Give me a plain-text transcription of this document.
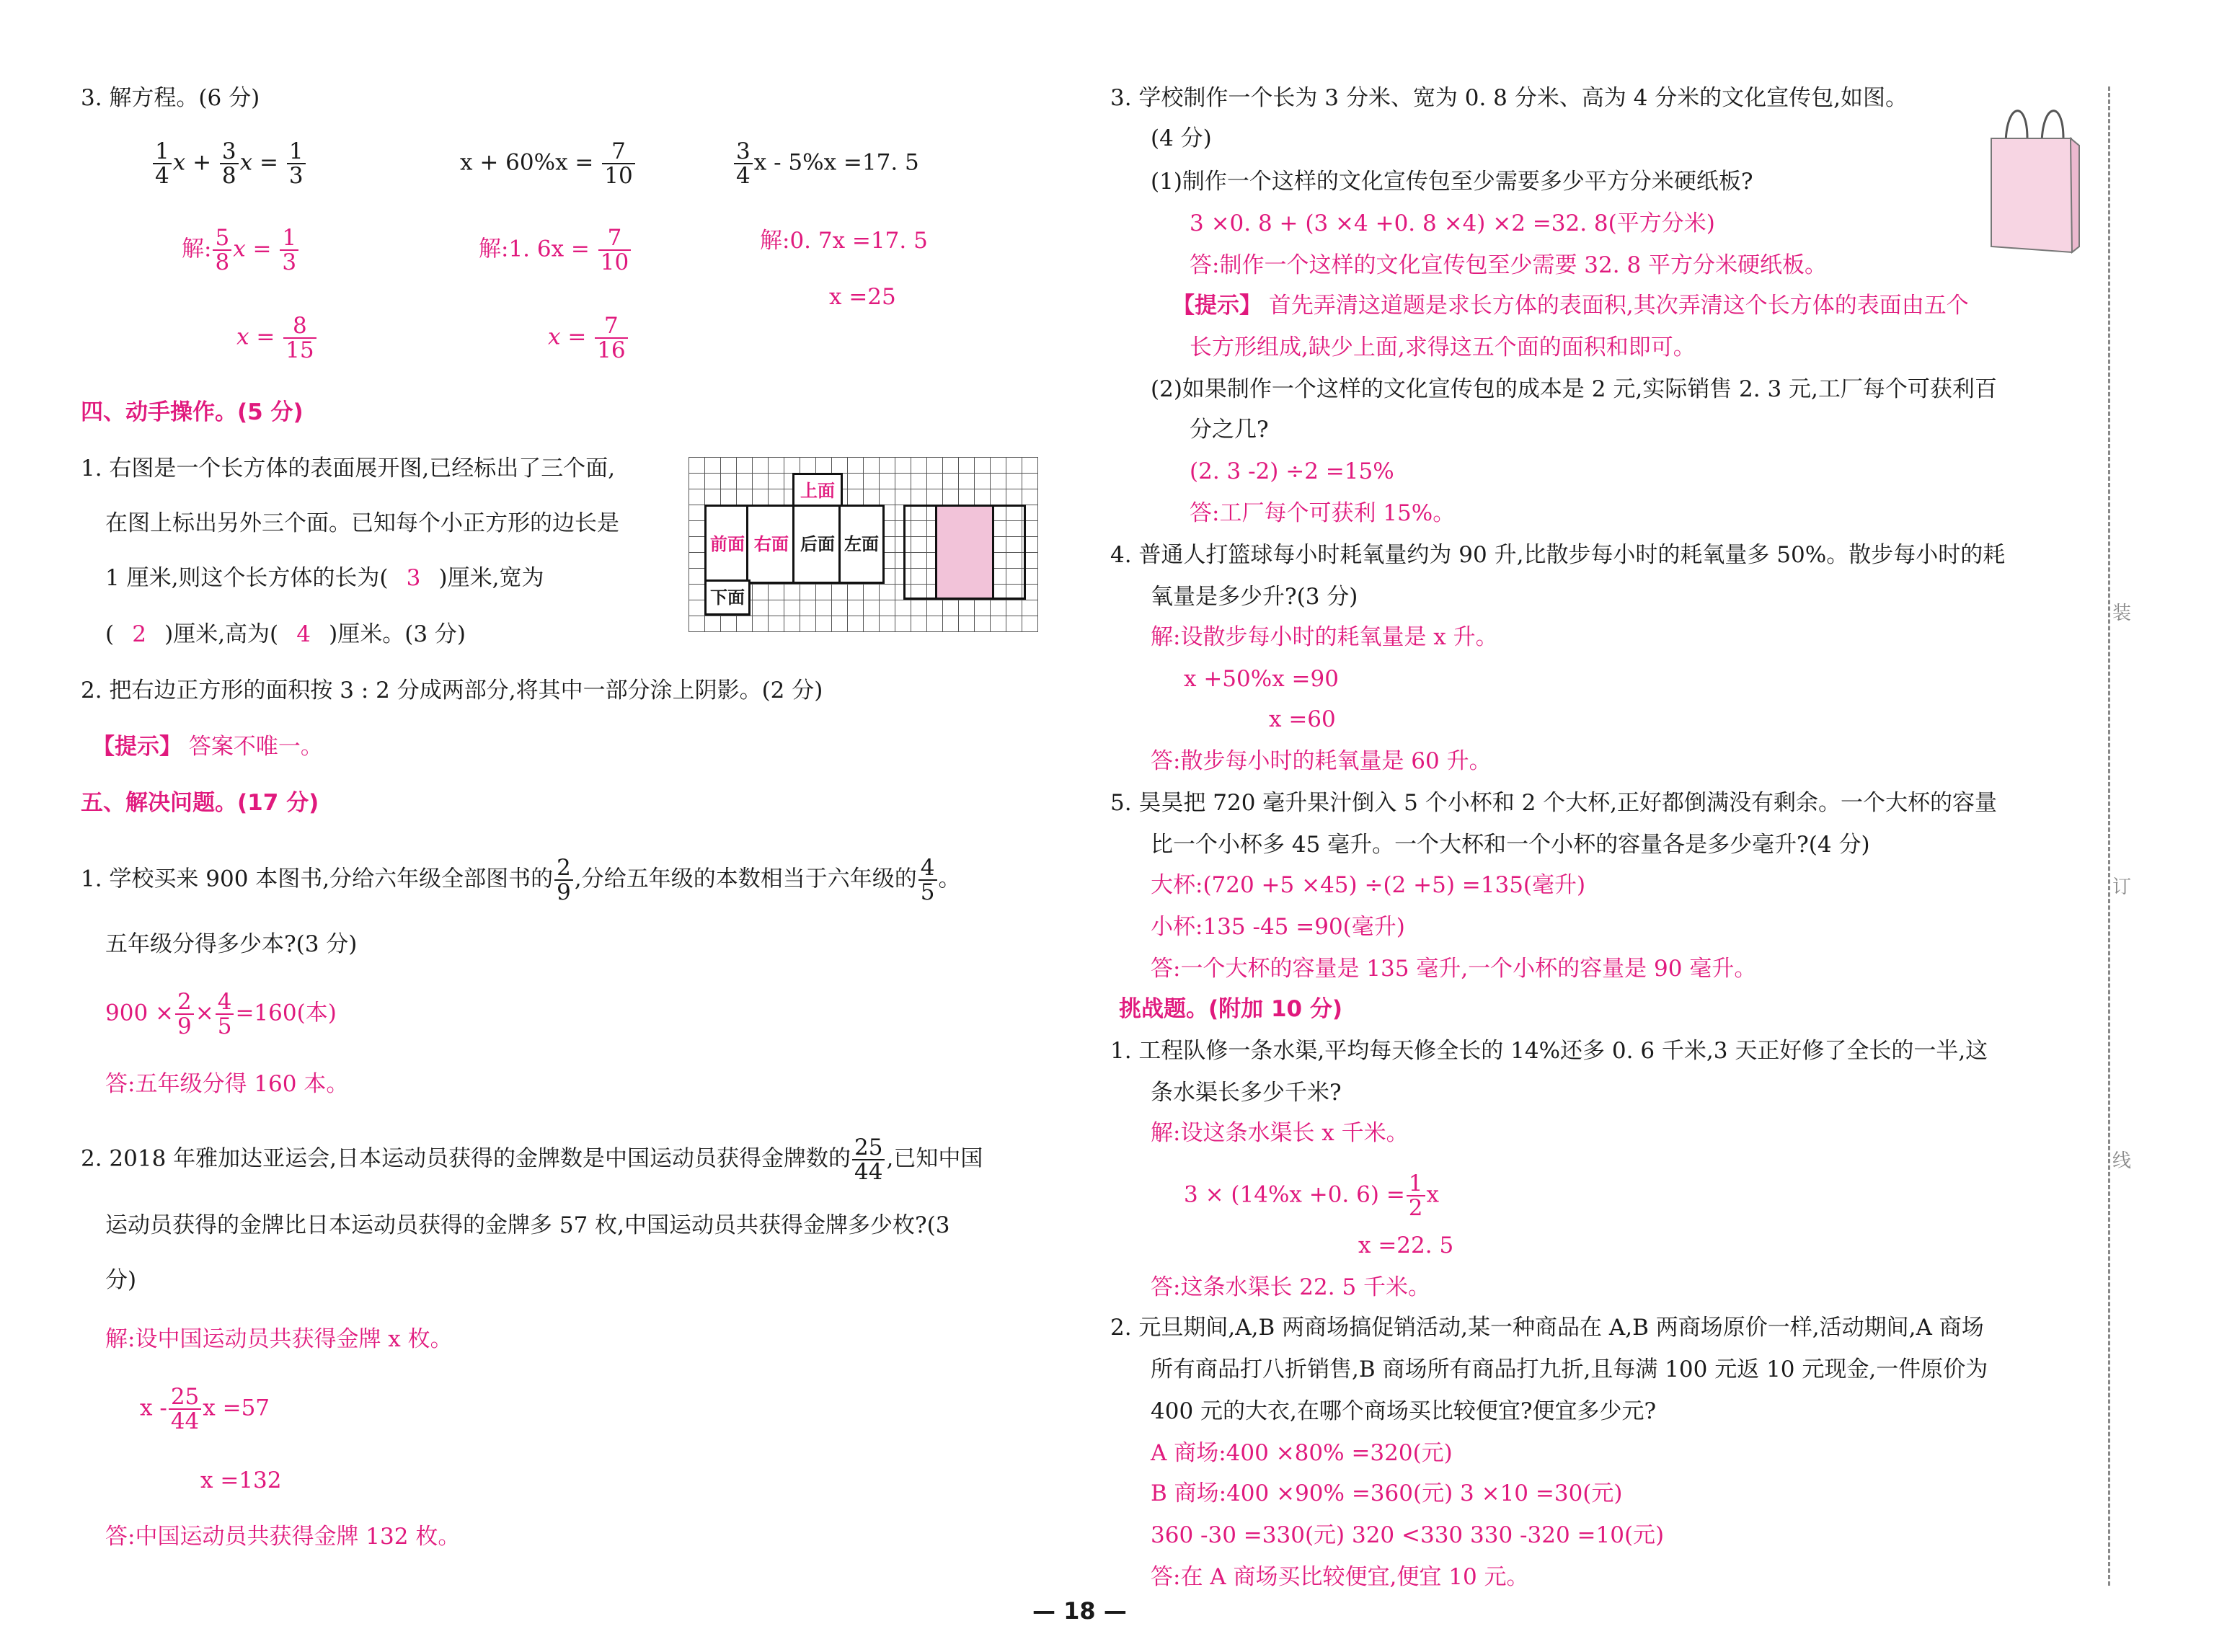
3. 解方程。(6 分)
$\frac{1}{4}$ $x + \frac{3}{8}$ $x = \frac{1}{3}$
解: $\frac{5}{8}$ $x = \frac{1}{3}$
$x = \frac{8}{15}$
$x + 60\%x = \frac{7}{10}$
解:1. $6x = \frac{7}{10}$
$x = \frac{7}{16}$
$\frac{3}{4}$ x - 5%x =17. 5
解:0. 7x =17. 5
x =25
四、动手操作。(5 分)
1. 右图是一个长方体的表面展开图,已经标出了三个面,
在图上标出另外三个面。已知每个小正方形的边长是
1 厘米,则这个长方体的长为( 3 )厘米,宽为
( 2 )厘米,高为( 4 )厘米。(3 分)
上面
前面 右面 后面 左面
下面
2. 把右边正方形的面积按 3 : 2 分成两部分,将其中一部分涂上阴影。(2 分)
【提示】 答案不唯一。
五、解决问题。(17 分)
1. 学校买来 900 本图书,分给六年级全部图书的 $\frac{2}{9}$ ,分给五年级的本数相当于六年级的 $\frac{4}{5}$ 。
五年级分得多少本?(3 分)
$900 \times \frac{2}{9} \times \frac{4}{5} =160$(本)
答:五年级分得 160 本。
2. 2018 年雅加达亚运会,日本运动员获得的金牌数是中国运动员获得金牌数的 $\frac{25}{44}$ ,已知中国
运动员获得的金牌比日本运动员获得的金牌多 57 枚,中国运动员共获得金牌多少枚?(3
分)
解:设中国运动员共获得金牌 x 枚。
x - $\frac{25}{44}$ x =57
x =132
答:中国运动员共获得金牌 132 枚。
3. 学校制作一个长为 3 分米、宽为 0. 8 分米、高为 4 分米的文化宣传包,如图。
(4 分)
(1)制作一个这样的文化宣传包至少需要多少平方分米硬纸板?
3 ×0. 8 + (3 ×4 +0. 8 ×4) ×2 =32. 8(平方分米)
答:制作一个这样的文化宣传包至少需要 32. 8 平方分米硬纸板。
【提示】 首先弄清这道题是求长方体的表面积,其次弄清这个长方体的表面由五个
长方形组成,缺少上面,求得这五个面的面积和即可。
(2)如果制作一个这样的文化宣传包的成本是 2 元,实际销售 2. 3 元,工厂每个可获利百
分之几?
(2. 3 -2) ÷2 =15%
答:工厂每个可获利 15%。
4. 普通人打篮球每小时耗氧量约为 90 升,比散步每小时的耗氧量多 50%。散步每小时的耗
氧量是多少升?(3 分)
解:设散步每小时的耗氧量是 x 升。
x +50%x =90
x =60
答:散步每小时的耗氧量是 60 升。
5. 昊昊把 720 毫升果汁倒入 5 个小杯和 2 个大杯,正好都倒满没有剩余。一个大杯的容量
比一个小杯多 45 毫升。一个大杯和一个小杯的容量各是多少毫升?(4 分)
大杯:(720 +5 ×45) ÷(2 +5) =135(毫升)
小杯:135 -45 =90(毫升)
答:一个大杯的容量是 135 毫升,一个小杯的容量是 90 毫升。
挑战题。(附加 10 分)
1. 工程队修一条水渠,平均每天修全长的 14%还多 0. 6 千米,3 天正好修了全长的一半,这
条水渠长多少千米?
解:设这条水渠长 x 千米。
3 × (14%x +0. $6) = \frac{1}{2}$ x
x =22. 5
答:这条水渠长 22. 5 千米。
2. 元旦期间,A,B 两商场搞促销活动,某一种商品在 A,B 两商场原价一样,活动期间,A 商场
所有商品打八折销售,B 商场所有商品打九折,且每满 100 元返 10 元现金,一件原价为
400 元的大衣,在哪个商场买比较便宜?便宜多少元?
A 商场:400 ×80% =320(元)
B 商场:400 ×90% =360(元) 3 ×10 =30(元)
360 -30 =330(元) 320 <330 330 -320 =10(元)
答:在 A 商场买比较便宜,便宜 10 元。
装
订
线
— 18 —
